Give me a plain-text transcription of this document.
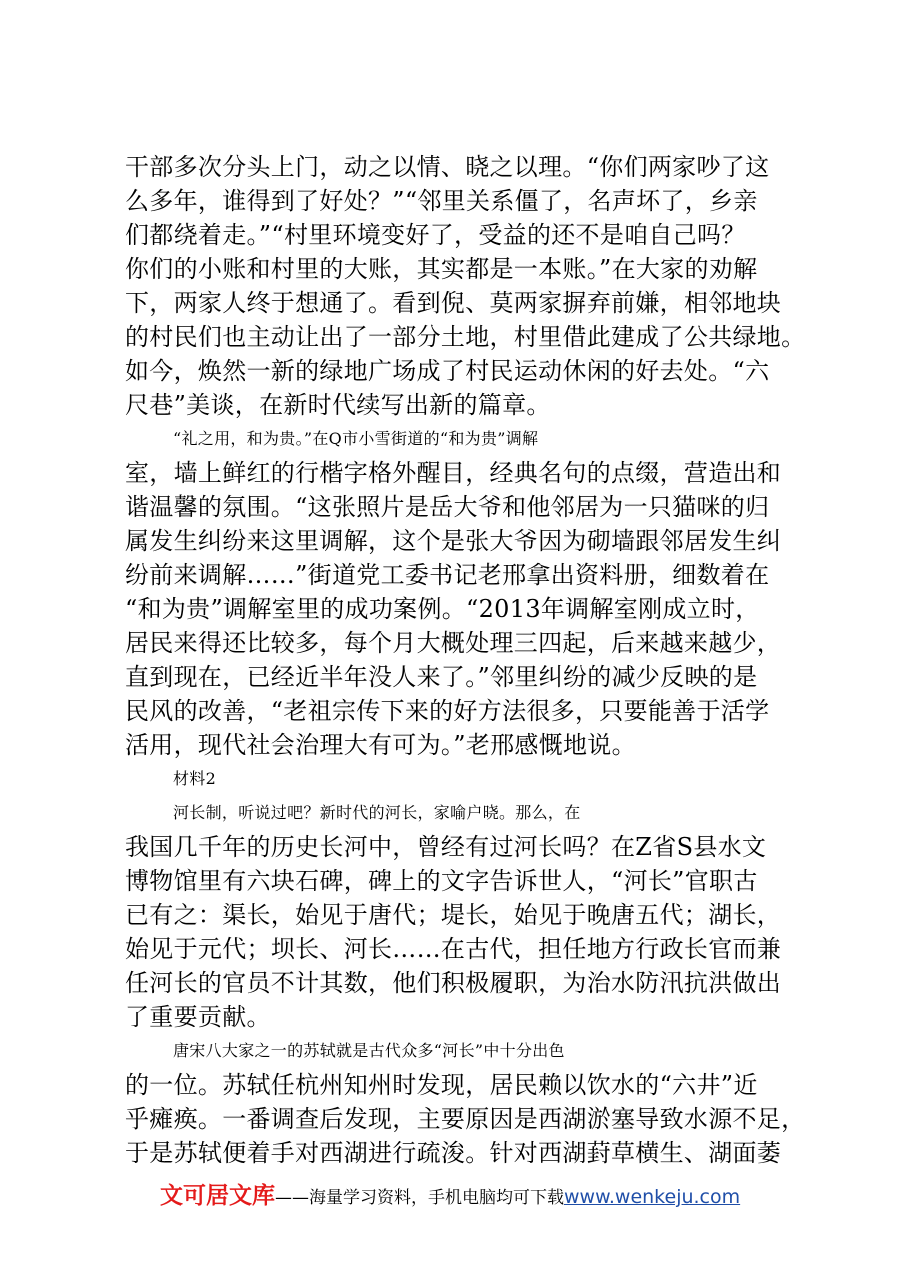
干部多次分头上门，动之以情、晓之以理。“你们两家吵了这
么多年，谁得到了好处？”“邻里关系僵了，名声坏了，乡亲
们都绕着走。”“村里环境变好了，受益的还不是咱自己吗？
你们的小账和村里的大账，其实都是一本账。”在大家的劝解
下，两家人终于想通了。看到倪、莫两家摒弃前嫌，相邻地块
的村民们也主动让出了一部分土地，村里借此建成了公共绿地。
如今，焕然一新的绿地广场成了村民运动休闲的好去处。“六
尺巷”美谈，在新时代续写出新的篇章。
“礼之用，和为贵。”在Q市小雪街道的“和为贵”调解
室，墙上鲜红的行楷字格外醒目，经典名句的点缀，营造出和
谐温馨的氛围。“这张照片是岳大爷和他邻居为一只猫咪的归
属发生纠纷来这里调解，这个是张大爷因为砌墙跟邻居发生纠
纷前来调解……”街道党工委书记老邢拿出资料册，细数着在
“和为贵”调解室里的成功案例。“2013年调解室刚成立时，
居民来得还比较多，每个月大概处理三四起，后来越来越少，
直到现在，已经近半年没人来了。”邻里纠纷的减少反映的是
民风的改善，“老祖宗传下来的好方法很多，只要能善于活学
活用，现代社会治理大有可为。”老邢感慨地说。
材料2
河长制，听说过吧？新时代的河长，家喻户晓。那么，在
我国几千年的历史长河中，曾经有过河长吗？在Z省S县水文
博物馆里有六块石碑，碑上的文字告诉世人，“河长”官职古
已有之：渠长，始见于唐代；堤长，始见于晚唐五代；湖长，
始见于元代；坝长、河长……在古代，担任地方行政长官而兼
任河长的官员不计其数，他们积极履职，为治水防汛抗洪做出
了重要贡献。
唐宋八大家之一的苏轼就是古代众多“河长”中十分出色
的一位。苏轼任杭州知州时发现，居民赖以饮水的“六井”近
乎瘫痪。一番调查后发现，主要原因是西湖淤塞导致水源不足，
于是苏轼便着手对西湖进行疏浚。针对西湖葑草横生、湖面萎
文可居文库——海量学习资料，手机电脑均可下载www.wenkeju.com
